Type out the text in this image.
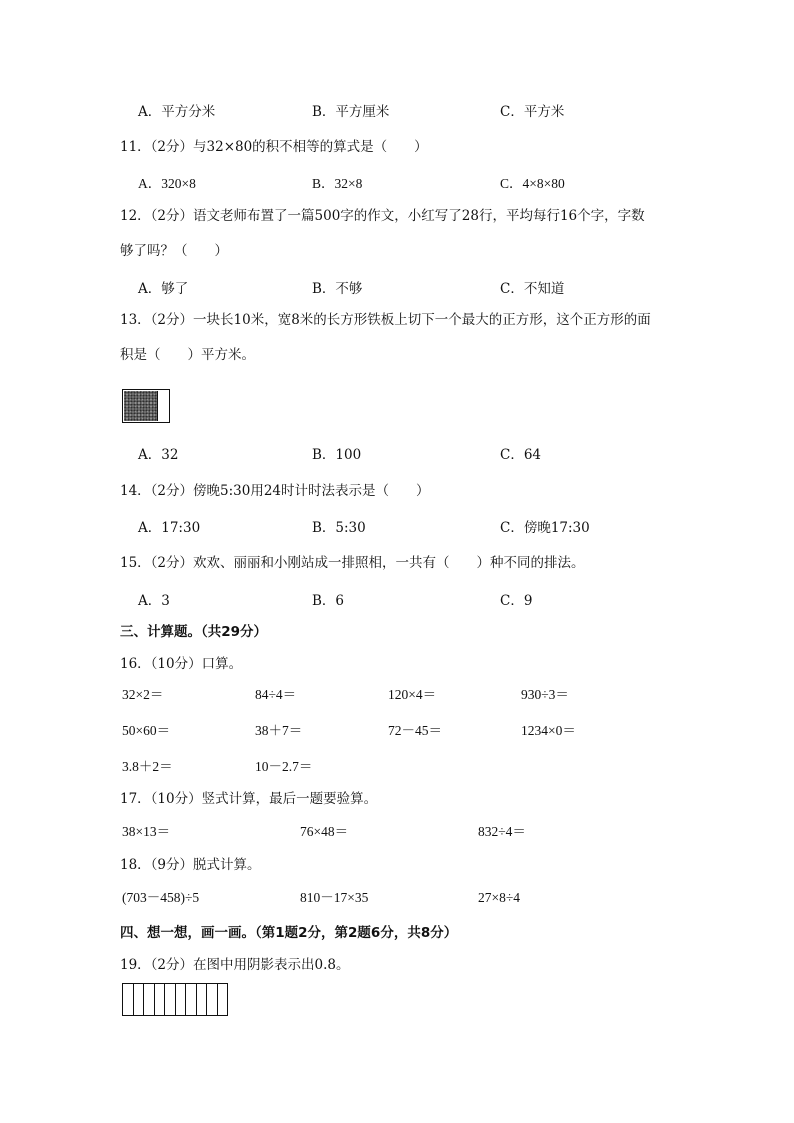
A．平方分米	B．平方厘米	C．平方米
11．（2分）与32×80的积不相等的算式是（　　）
A．320×8	B．32×8	C．4×8×80
12．（2分）语文老师布置了一篇500字的作文，小红写了28行，平均每行16个字，字数
够了吗？（　　）
A．够了	B．不够	C．不知道
13．（2分）一块长10米，宽8米的长方形铁板上切下一个最大的正方形，这个正方形的面
积是（　　）平方米。
A．32	B．100	C．64
14．（2分）傍晚5:30用24时计时法表示是（　　）
A．17:30	B．5:30	C．傍晚17:30
15．（2分）欢欢、丽丽和小刚站成一排照相，一共有（　　）种不同的排法。
A．3	B．6	C．9
三、计算题。（共29分）
16．（10分）口算。
32×2＝	84÷4＝	120×4＝	930÷3＝
50×60＝	38＋7＝	72－45＝	1234×0＝
3.8＋2＝	10－2.7＝
17．（10分）竖式计算，最后一题要验算。
38×13＝	76×48＝	832÷4＝
18．（9分）脱式计算。
(703－458)÷5	810－17×35	27×8÷4
四、想一想，画一画。（第1题2分，第2题6分，共8分）
19．（2分）在图中用阴影表示出0.8。
